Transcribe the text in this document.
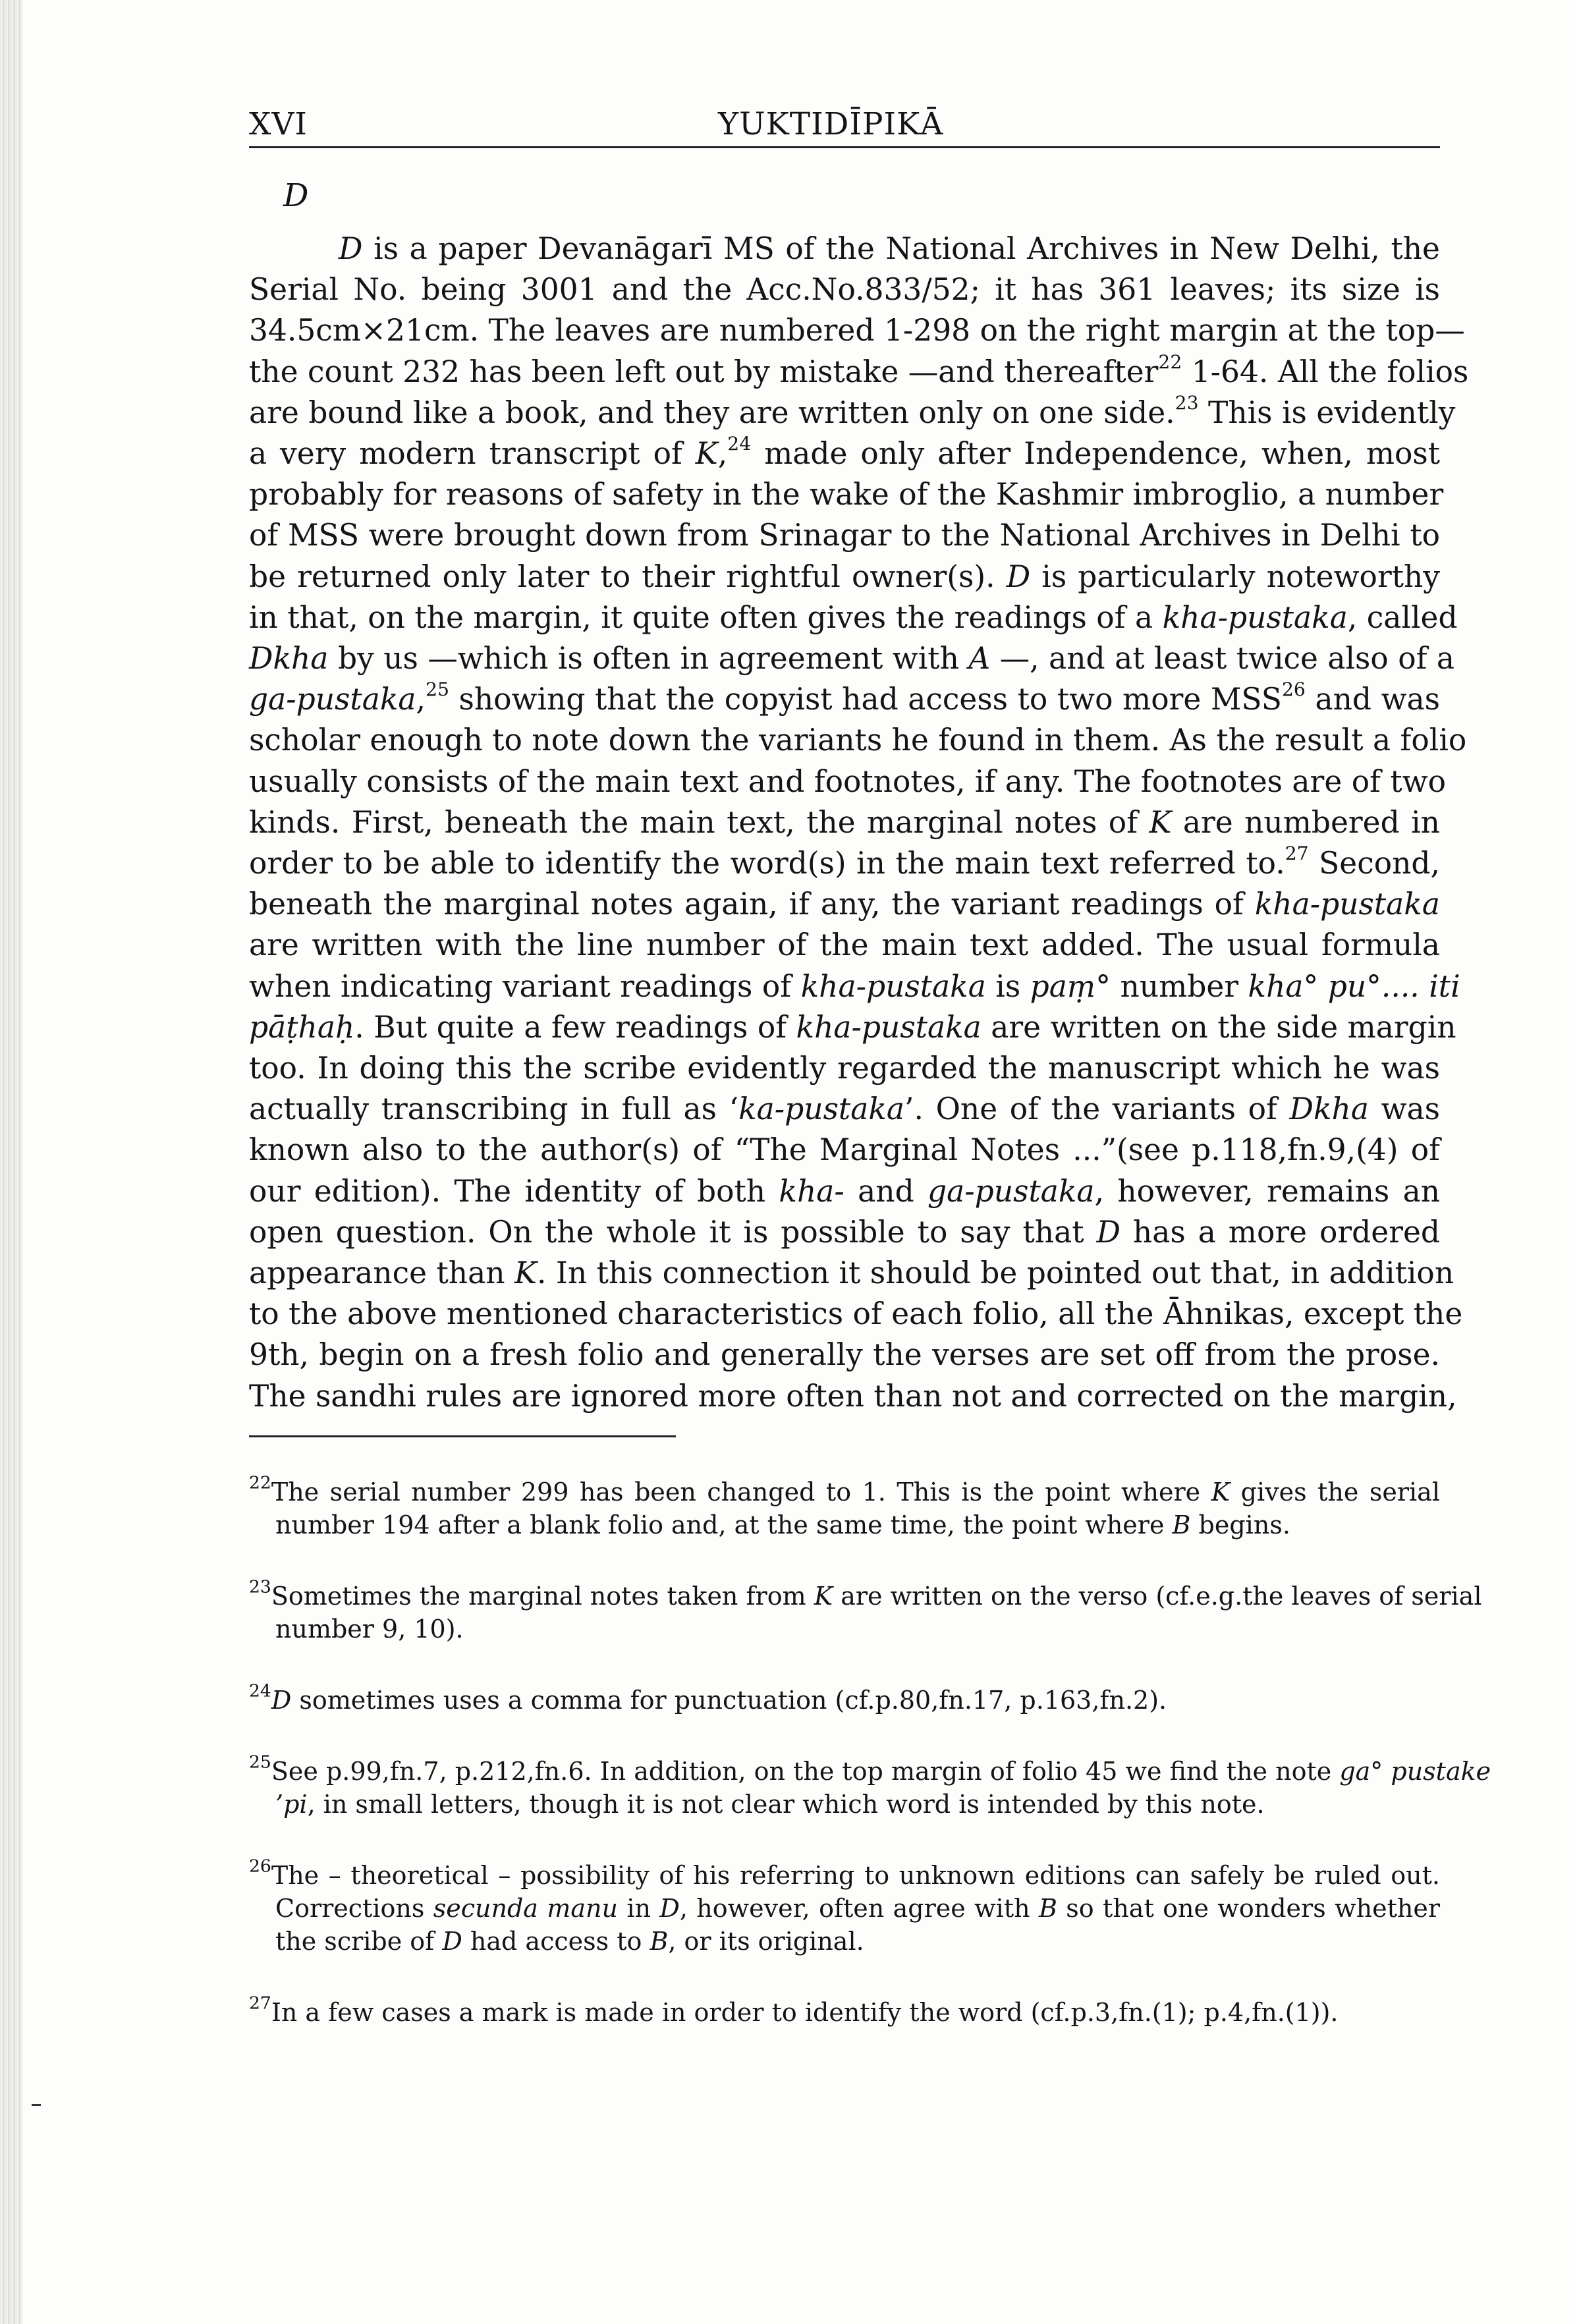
XVI	YUKTIDĪPIKĀ
D
D is a paper Devanāgarī MS of the National Archives in New Delhi, the
Serial No. being 3001 and the Acc.No.833/52; it has 361 leaves; its size is
34.5cm×21cm. The leaves are numbered 1-298 on the right margin at the top—
the count 232 has been left out by mistake —and thereafter$^{22}$ 1-64. All the folios
are bound like a book, and they are written only on one side.$^{23}$ This is evidently
a very modern transcript of K,$^{24}$ made only after Independence, when, most
probably for reasons of safety in the wake of the Kashmir imbroglio, a number
of MSS were brought down from Srinagar to the National Archives in Delhi to
be returned only later to their rightful owner(s). D is particularly noteworthy
in that, on the margin, it quite often gives the readings of a kha-pustaka, called
Dkha by us —which is often in agreement with A —, and at least twice also of a
ga-pustaka,$^{25}$ showing that the copyist had access to two more MSS$^{26}$ and was
scholar enough to note down the variants he found in them. As the result a folio
usually consists of the main text and footnotes, if any. The footnotes are of two
kinds. First, beneath the main text, the marginal notes of K are numbered in
order to be able to identify the word(s) in the main text referred to.$^{27}$ Second,
beneath the marginal notes again, if any, the variant readings of kha-pustaka
are written with the line number of the main text added. The usual formula
when indicating variant readings of kha-pustaka is paṃ° number kha° pu°.... iti
pāṭhaḥ. But quite a few readings of kha-pustaka are written on the side margin
too. In doing this the scribe evidently regarded the manuscript which he was
actually transcribing in full as ‘ka-pustaka’. One of the variants of Dkha was
known also to the author(s) of “The Marginal Notes ...”(see p.118,fn.9,(4) of
our edition). The identity of both kha- and ga-pustaka, however, remains an
open question. On the whole it is possible to say that D has a more ordered
appearance than K. In this connection it should be pointed out that, in addition
to the above mentioned characteristics of each folio, all the Āhnikas, except the
9th, begin on a fresh folio and generally the verses are set off from the prose.
The sandhi rules are ignored more often than not and corrected on the margin,
$^{22}$The serial number 299 has been changed to 1. This is the point where K gives the serial
number 194 after a blank folio and, at the same time, the point where B begins.
$^{23}$Sometimes the marginal notes taken from K are written on the verso (cf.e.g.the leaves of serial
number 9, 10).
$^{24}$D sometimes uses a comma for punctuation (cf.p.80,fn.17, p.163,fn.2).
$^{25}$See p.99,fn.7, p.212,fn.6. In addition, on the top margin of folio 45 we find the note ga° pustake
’pi, in small letters, though it is not clear which word is intended by this note.
$^{26}$The – theoretical – possibility of his referring to unknown editions can safely be ruled out.
Corrections secunda manu in D, however, often agree with B so that one wonders whether
the scribe of D had access to B, or its original.
$^{27}$In a few cases a mark is made in order to identify the word (cf.p.3,fn.(1); p.4,fn.(1)).
